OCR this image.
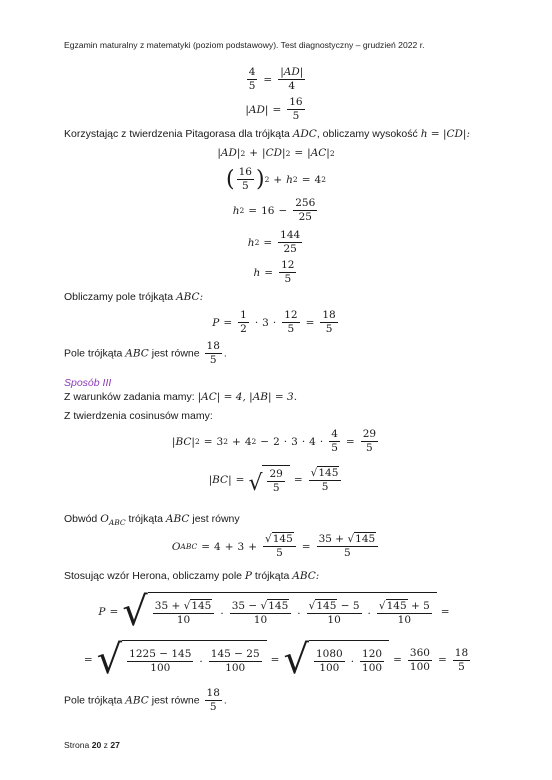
Egzamin maturalny z matematyki (poziom podstawowy). Test diagnostyczny – grudzień 2022 r.
$\frac{4}{5} = \frac{|AD|}{4}$
$|AD| = \frac{16}{5}$
Korzystając z twierdzenia Pitagorasa dla trójkąta ADC, obliczamy wysokość h = |CD|:
|AD| 2 + |CD| 2 = |AC| 2
( $\frac{16}{5}$ ) 2 + h 2 = 4 2
h $2 = 16 - \frac{256}{25}$
h $2 = \frac{144}{25}$
$h = \frac{12}{5}$
Obliczamy pole trójkąta ABC:
$P = \frac{1}{2} \cdot 3 \cdot \frac{12}{5} = \frac{18}{5}$
Pole trójkąta ABC jest równe $\frac{18}{5}$ .
Sposób III
Z warunków zadania mamy: |AC| = 4, |AB| = 3.
Z twierdzenia cosinusów mamy:
|BC| 2 = 3 2 + 4 $2 - 2 \cdot 3 \cdot 4 \cdot \frac{4}{5} = \frac{29}{5}$
|BC| = √ $\frac{29}{5} = \frac{√145}{5}$
Obwód $O_{ABC}$ trójkąta ABC jest równy
O ABC = $4 + 3 + \frac{√145}{5} = \frac{35 + √145}{5}$
Stosując wzór Herona, obliczamy pole P trójkąta ABC:
P = √ $\frac{35 + √145}{10} \cdot \frac{35 - √145}{10} \cdot \frac{√145 - 5}{10} \cdot \frac{√145 + 5}{10}$ =
= √ $\frac{1225 - 145}{100} \cdot \frac{145 - 25}{100}$ = √ $\frac{1080}{100} \cdot \frac{120}{100} = \frac{360}{100} = \frac{18}{5}$
Pole trójkąta ABC jest równe $\frac{18}{5}$ .
Strona 20 z 27
